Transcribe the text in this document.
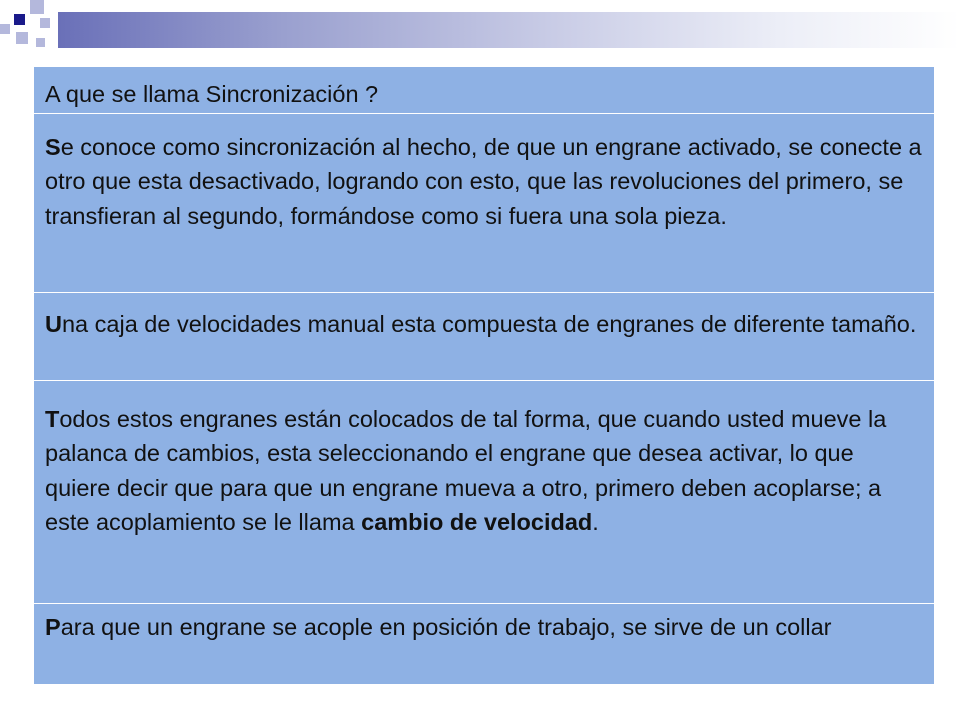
A que se llama Sincronización ?
Se conoce como sincronización al hecho, de que un engrane activado, se conecte a otro que esta desactivado, logrando con esto, que las revoluciones del primero, se transfieran al segundo, formándose como si fuera una sola pieza.
Una caja de velocidades manual esta compuesta de engranes de diferente tamaño.
Todos estos engranes están colocados de tal forma, que cuando usted mueve la palanca de cambios, esta seleccionando el engrane que desea activar, lo que quiere decir que para que un engrane mueva a otro, primero deben acoplarse; a este acoplamiento se le llama cambio de velocidad.
Para que un engrane se acople en posición de trabajo, se sirve de un collar
